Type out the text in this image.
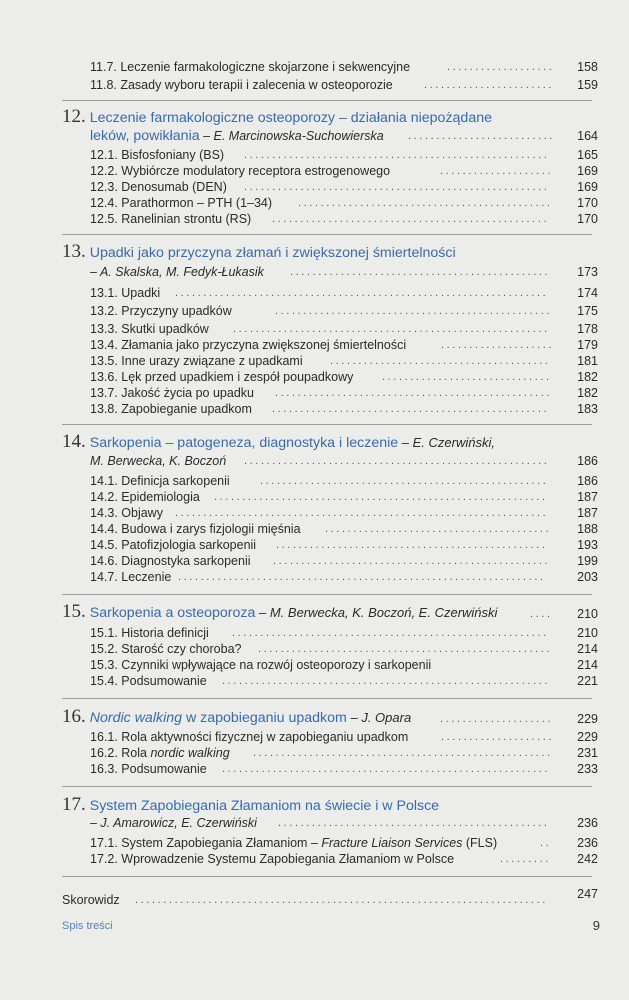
11.7. Leczenie farmakologiczne skojarzone i sekwencyjne	................... 158
11.8. Zasady wyboru terapii i zalecenia w osteoporozie	....................... 159
12. Leczenie farmakologiczne osteoporozy – działania niepożądane
leków, powikłania – E. Marcinowska-Suchowierska .......................... 164
12.1. Bisfosfoniany (BS) ......................................................	165
12.2. Wybiórcze modulatory receptora estrogenowego	.................... 169
12.3. Denosumab (DEN) ......................................................	169
12.4. Parathormon – PTH (1–34) ............................................. 170
12.5. Ranelinian strontu (RS) .................................................	170
13. Upadki jako przyczyna złamań i zwiększonej śmiertelności
– A. Skalska, M. Fedyk-Łukasik ..............................................	173
13.1. Upadki ..................................................................	174
13.2. Przyczyny upadków	................................................. 175
13.3. Skutki upadków ........................................................	178
13.4. Złamania jako przyczyna zwiększonej śmiertelności	.................... 179
13.5. Inne urazy związane z upadkami .......................................	181
13.6. Lęk przed upadkiem i zespół poupadkowy	.............................. 182
13.7. Jakość życia po upadku ................................................. 182
13.8. Zapobieganie upadkom .................................................	183
14. Sarkopenia – patogeneza, diagnostyka i leczenie – E. Czerwiński,
M. Berwecka, K. Boczoń ......................................................	186
14.1. Definicja sarkopenii	...................................................	186
14.2. Epidemiologia ...........................................................	187
14.3. Objawy ..................................................................	187
14.4. Budowa i zarys fizjologii mięśnia ........................................	188
14.5. Patofizjologia sarkopenii ................................................	193
14.6. Diagnostyka sarkopenii .................................................	199
14.7. Leczenie .................................................................	203
15. Sarkopenia a osteoporoza – M. Berwecka, K. Boczoń, E. Czerwiński	.... 210
15.1. Historia definicji ........................................................	210
15.2. Starość czy choroba? .................................................... 214
15.3. Czynniki wpływające na rozwój osteoporozy i sarkopenii	214
15.4. Podsumowanie ..........................................................	221
16. Nordic walking w zapobieganiu upadkom – J. Opara	.................... 229
16.1. Rola aktywności fizycznej w zapobieganiu upadkom	.................... 229
16.2. Rola nordic walking ..................................................... 231
16.3. Podsumowanie ..........................................................	233
17. System Zapobiegania Złamaniom na świecie i w Polsce
– J. Amarowicz, E. Czerwiński ................................................	236
17.1. System Zapobiegania Złamaniom – Fracture Liaison Services (FLS)	.. 236
17.2. Wprowadzenie Systemu Zapobiegania Złamaniom w Polsce	.........	242
Skorowidz .........................................................................	247
Spis treści	9
